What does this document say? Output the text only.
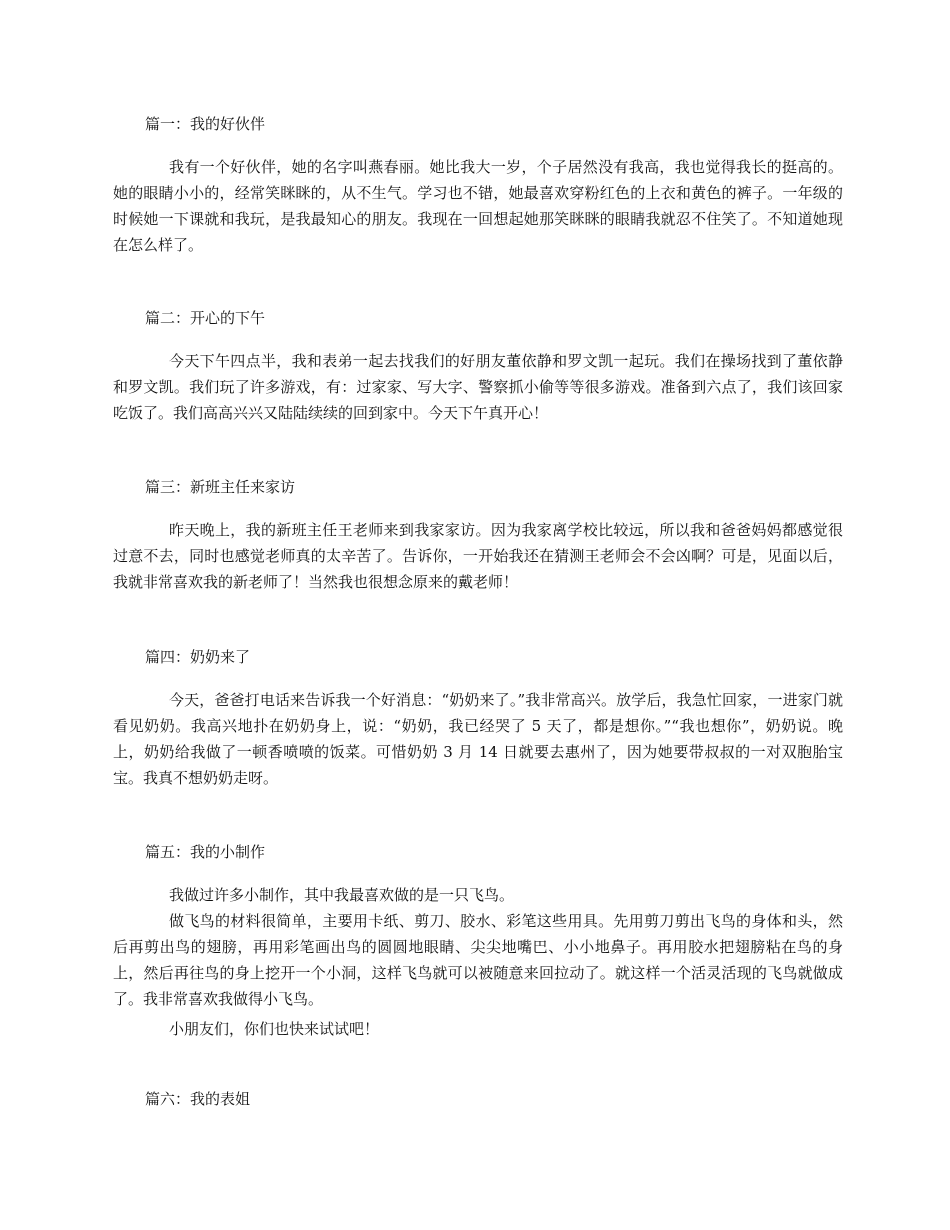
篇一：我的好伙伴

我有一个好伙伴，她的名字叫燕春丽。她比我大一岁，个子居然没有我高，我也觉得我长的挺高的。她的眼睛小小的，经常笑眯眯的，从不生气。学习也不错，她最喜欢穿粉红色的上衣和黄色的裤子。一年级的时候她一下课就和我玩，是我最知心的朋友。我现在一回想起她那笑眯眯的眼睛我就忍不住笑了。不知道她现在怎么样了。

篇二：开心的下午

今天下午四点半，我和表弟一起去找我们的好朋友董依静和罗文凯一起玩。我们在操场找到了董依静和罗文凯。我们玩了许多游戏，有：过家家、写大字、警察抓小偷等等很多游戏。准备到六点了，我们该回家吃饭了。我们高高兴兴又陆陆续续的回到家中。今天下午真开心！

篇三：新班主任来家访

昨天晚上，我的新班主任王老师来到我家家访。因为我家离学校比较远，所以我和爸爸妈妈都感觉很过意不去，同时也感觉老师真的太辛苦了。告诉你，一开始我还在猜测王老师会不会凶啊？可是，见面以后，我就非常喜欢我的新老师了！当然我也很想念原来的戴老师！

篇四：奶奶来了

今天，爸爸打电话来告诉我一个好消息：“奶奶来了。”我非常高兴。放学后，我急忙回家，一进家门就看见奶奶。我高兴地扑在奶奶身上，说：“奶奶，我已经哭了 5 天了，都是想你。”“我也想你”，奶奶说。晚上，奶奶给我做了一顿香喷喷的饭菜。可惜奶奶 3 月 14 日就要去惠州了，因为她要带叔叔的一对双胞胎宝宝。我真不想奶奶走呀。

篇五：我的小制作

我做过许多小制作，其中我最喜欢做的是一只飞鸟。

做飞鸟的材料很简单，主要用卡纸、剪刀、胶水、彩笔这些用具。先用剪刀剪出飞鸟的身体和头，然后再剪出鸟的翅膀，再用彩笔画出鸟的圆圆地眼睛、尖尖地嘴巴、小小地鼻子。再用胶水把翅膀粘在鸟的身上，然后再往鸟的身上挖开一个小洞，这样飞鸟就可以被随意来回拉动了。就这样一个活灵活现的飞鸟就做成了。我非常喜欢我做得小飞鸟。

小朋友们，你们也快来试试吧！

篇六：我的表姐
